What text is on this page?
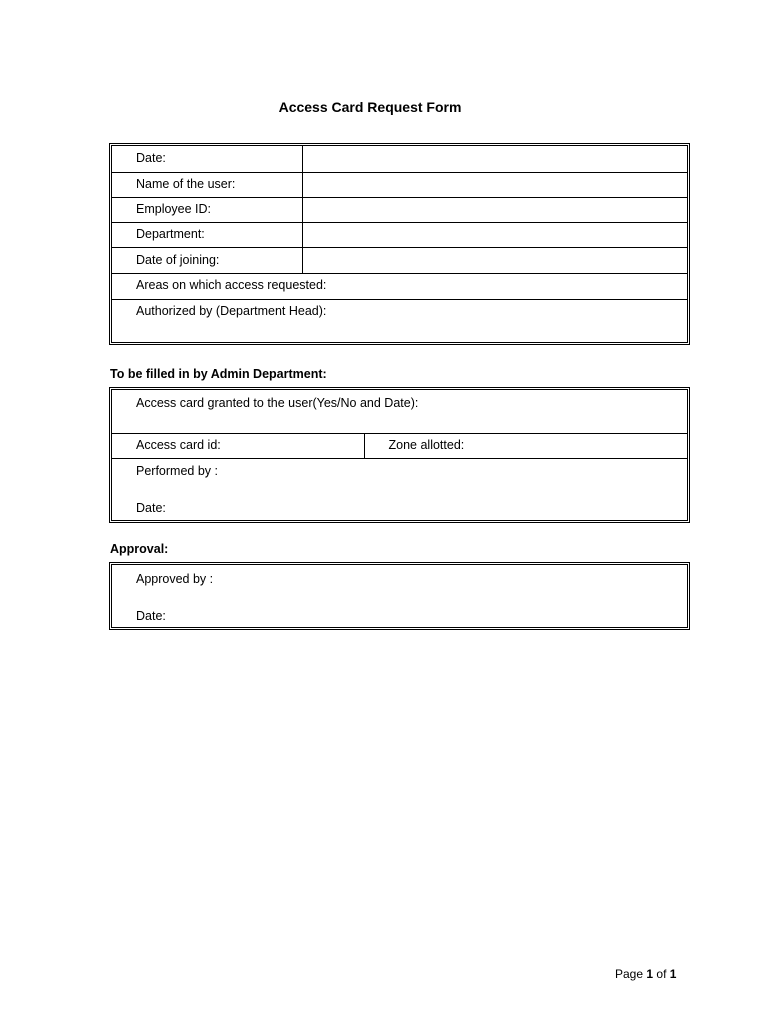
Access Card Request Form
Date:	
Name of the user:	
Employee ID:	
Department:	
Date of joining:	
Areas on which access requested:	
Authorized by (Department Head):	
To be filled in by Admin Department:
Access card granted to the user(Yes/No and Date):
Access card id:	Zone allotted:

Performed by :
Date:
Approval:
Approved by :
Date:
Page 1 of 1
